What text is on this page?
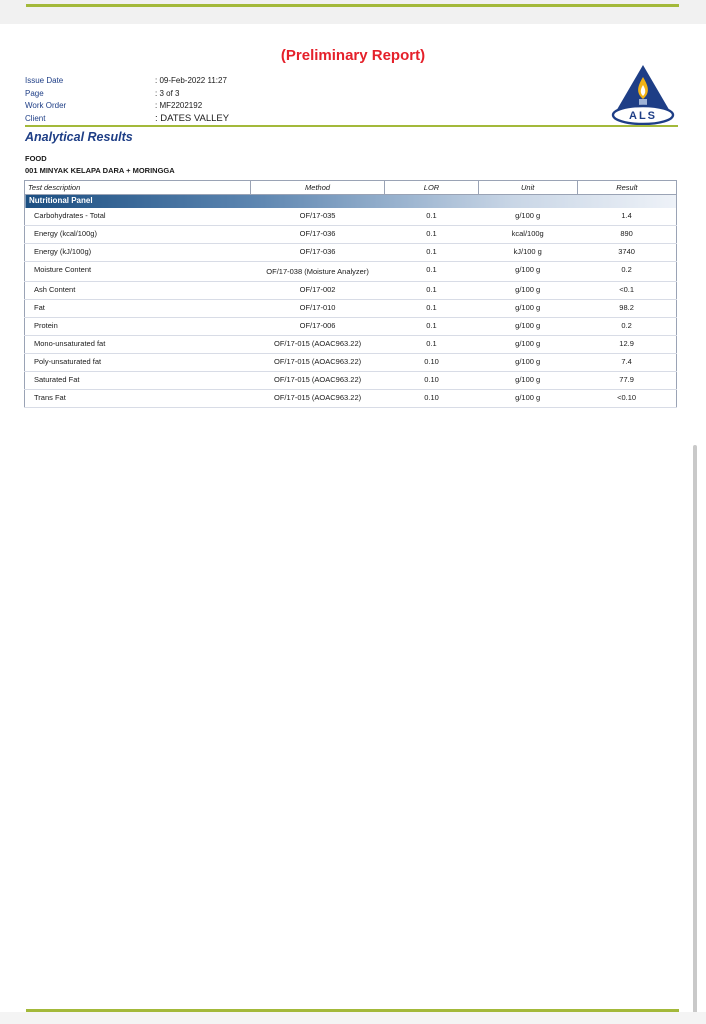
(Preliminary Report)
Issue Date	: 09-Feb-2022 11:27
Page	: 3 of 3
Work Order	: MF2202192
Client	: DATES VALLEY	ALS
Analytical Results
FOOD
001 MINYAK KELAPA DARA + MORINGGA
Test description	Method	LOR	Unit	Result
Nutritional Panel				
Carbohydrates - Total	OF/17-035	0.1	g/100 g	1.4
Energy (kcal/100g)	OF/17-036	0.1	kcal/100g	890
Energy (kJ/100g)	OF/17-036	0.1	kJ/100 g	3740
Moisture Content	OF/17-038 (Moisture Analyzer)	0.1	g/100 g	0.2
Ash Content	OF/17-002	0.1	g/100 g	<0.1
Fat	OF/17-010	0.1	g/100 g	98.2
Protein	OF/17-006	0.1	g/100 g	0.2
Mono-unsaturated fat	OF/17-015 (AOAC963.22)	0.1	g/100 g	12.9
Poly-unsaturated fat	OF/17-015 (AOAC963.22)	0.10	g/100 g	7.4
Saturated Fat	OF/17-015 (AOAC963.22)	0.10	g/100 g	77.9
Trans Fat	OF/17-015 (AOAC963.22)	0.10	g/100 g	<0.10
